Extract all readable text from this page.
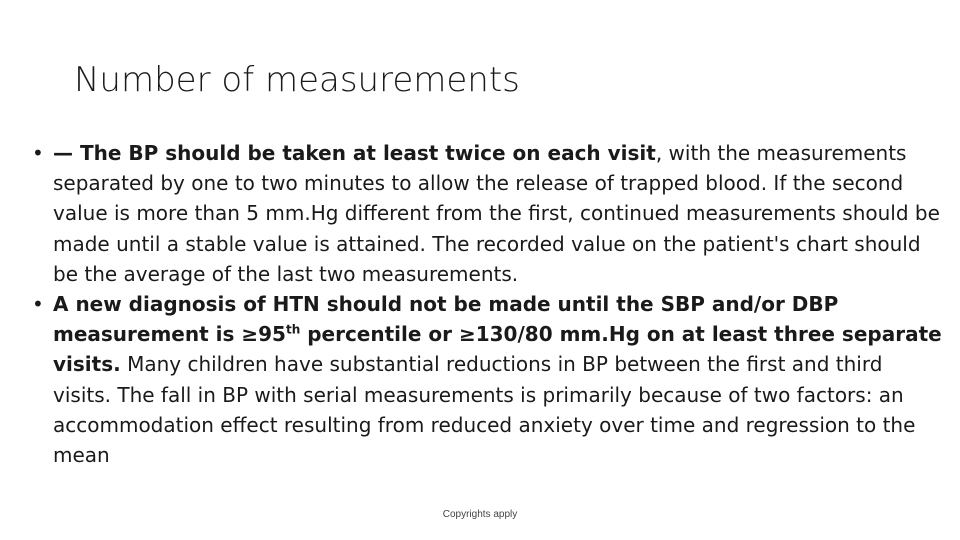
Number of measurements
• — The BP should be taken at least twice on each visit, with the measurements separated by one to two minutes to allow the release of trapped blood. If the second value is more than 5 mm.Hg different from the first, continued measurements should be made until a stable value is attained. The recorded value on the patient's chart should be the average of the last two measurements.
• A new diagnosis of HTN should not be made until the SBP and/or DBP measurement is ≥95th percentile or ≥130/80 mm.Hg on at least three separate visits. Many children have substantial reductions in BP between the first and third visits. The fall in BP with serial measurements is primarily because of two factors: an accommodation effect resulting from reduced anxiety over time and regression to the mean
Copyrights apply
